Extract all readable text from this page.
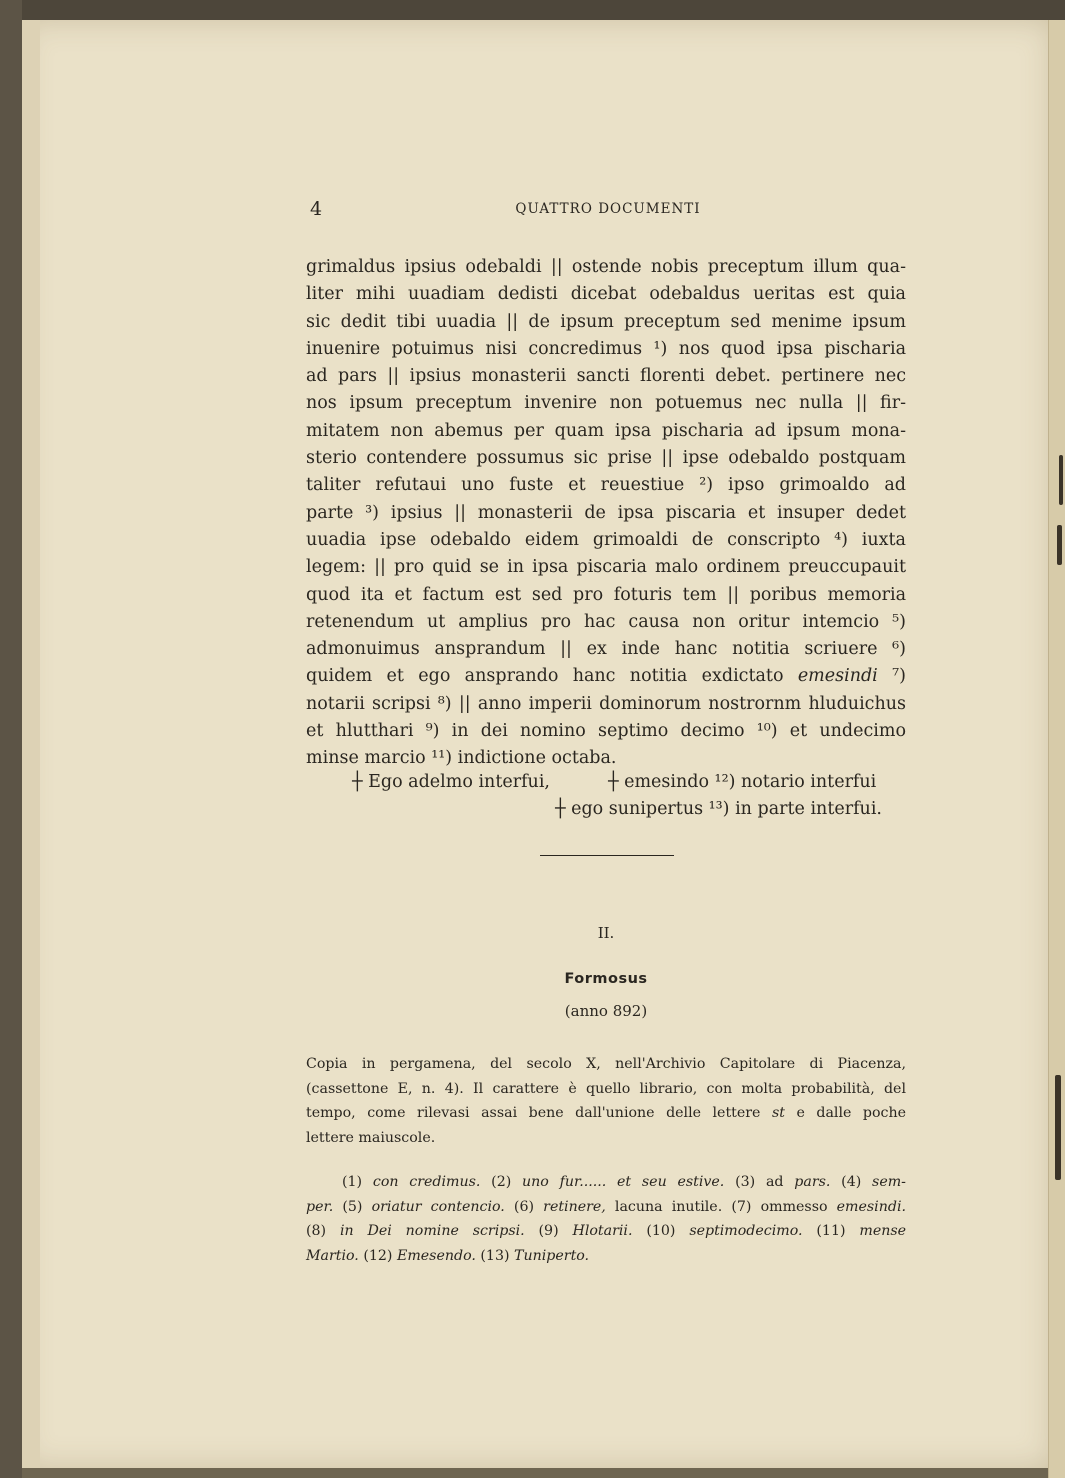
4	QUATTRO DOCUMENTI
grimaldus ipsius odebaldi || ostende nobis preceptum illum qua-
liter mihi uuadiam dedisti dicebat odebaldus ueritas est quia
sic dedit tibi uuadia || de ipsum preceptum sed menime ipsum
inuenire potuimus nisi concredimus ¹) nos quod ipsa pischaria
ad pars || ipsius monasterii sancti florenti debet. pertinere nec
nos ipsum preceptum invenire non potuemus nec nulla || fir-
mitatem non abemus per quam ipsa pischaria ad ipsum mona-
sterio contendere possumus sic prise || ipse odebaldo postquam
taliter refutaui uno fuste et reuestiue ²) ipso grimoaldo ad
parte ³) ipsius || monasterii de ipsa piscaria et insuper dedet
uuadia ipse odebaldo eidem grimoaldi de conscripto ⁴) iuxta
legem: || pro quid se in ipsa piscaria malo ordinem preuccupauit
quod ita et factum est sed pro foturis tem || poribus memoria
retenendum ut amplius pro hac causa non oritur intemcio ⁵)
admonuimus ansprandum || ex inde hanc notitia scriuere ⁶)
quidem et ego ansprando hanc notitia exdictato emesindi ⁷)
notarii scripsi ⁸) || anno imperii dominorum nostrornm hluduichus
et hlutthari ⁹) in dei nomino septimo decimo ¹⁰) et undecimo
minse marcio ¹¹) indictione octaba.
┼ Ego adelmo interfui,	┼ emesindo ¹²) notario interfui
┼ ego sunipertus ¹³) in parte interfui.
II.
Formosus
(anno 892)
Copia in pergamena, del secolo X, nell'Archivio Capitolare di Piacenza,
(cassettone E, n. 4). Il carattere è quello librario, con molta probabilità, del
tempo, come rilevasi assai bene dall'unione delle lettere st e dalle poche
lettere maiuscole.
(1) con credimus. (2) uno fur...... et seu estive. (3) ad pars. (4) sem-
per. (5) oriatur contencio. (6) retinere, lacuna inutile. (7) ommesso emesindi.
(8) in Dei nomine scripsi. (9) Hlotarii. (10) septimodecimo. (11) mense
Martio. (12) Emesendo. (13) Tuniperto.
